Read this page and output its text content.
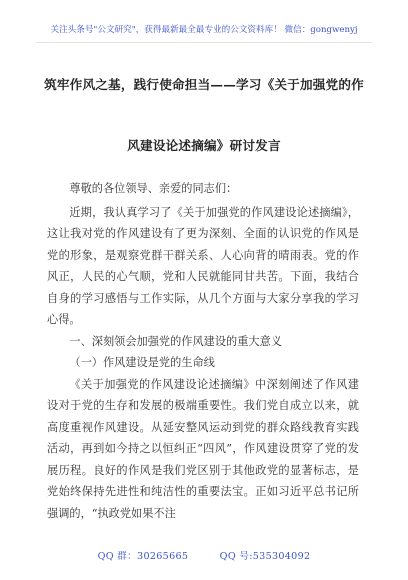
关注头条号"公文研究"，获得最新最全最专业的公文资料库！ 微信：gongwenyj
筑牢作风之基，践行使命担当——学习《关于加强党的作
风建设论述摘编》研讨发言

尊敬的各位领导、亲爱的同志们：

近期，我认真学习了《关于加强党的作风建设论述摘编》，这让我对党的作风建设有了更为深刻、全面的认识党的作风是党的形象，是观察党群干群关系、人心向背的晴雨表。党的作风正，人民的心气顺，党和人民就能同甘共苦。下面，我结合自身的学习感悟与工作实际，从几个方面与大家分享我的学习心得。

一、深刻领会加强党的作风建设的重大意义

（一）作风建设是党的生命线

《关于加强党的作风建设论述摘编》中深刻阐述了作风建设对于党的生存和发展的极端重要性。我们党自成立以来，就高度重视作风建设。从延安整风运动到党的群众路线教育实践活动，再到如今持之以恒纠正“四风”，作风建设贯穿了党的发展历程。良好的作风是我们党区别于其他政党的显著标志，是党始终保持先进性和纯洁性的重要法宝。正如习近平总书记所强调的，“执政党如果不注

QQ 群：30265665	QQ 号:535304092
